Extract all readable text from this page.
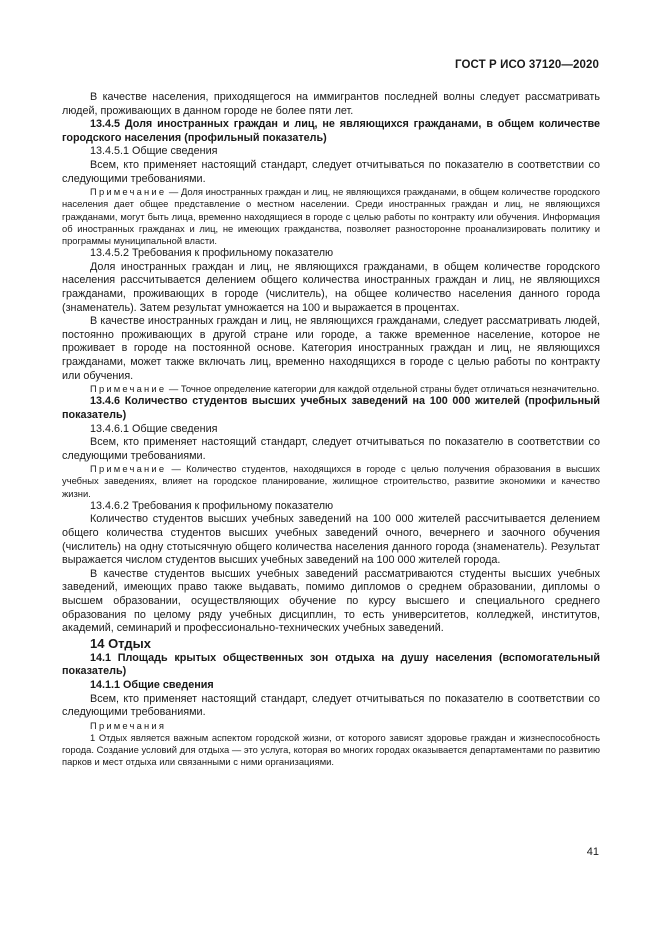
ГОСТ Р ИСО 37120—2020

В качестве населения, приходящегося на иммигрантов последней волны следует рассматривать людей, проживающих в данном городе не более пяти лет.

13.4.5 Доля иностранных граждан и лиц, не являющихся гражданами, в общем количестве городского населения (профильный показатель)

13.4.5.1 Общие сведения

Всем, кто применяет настоящий стандарт, следует отчитываться по показателю в соответствии со следующими требованиями.

Примечание — Доля иностранных граждан и лиц, не являющихся гражданами, в общем количестве городского населения дает общее представление о местном населении. Среди иностранных граждан и лиц, не являющихся гражданами, могут быть лица, временно находящиеся в городе с целью работы по контракту или обучения. Информация об иностранных гражданах и лиц, не имеющих гражданства, позволяет разносторонне проанализировать политику и программы муниципальной власти.

13.4.5.2 Требования к профильному показателю

Доля иностранных граждан и лиц, не являющихся гражданами, в общем количестве городского населения рассчитывается делением общего количества иностранных граждан и лиц, не являющихся гражданами, проживающих в городе (числитель), на общее количество населения данного города (знаменатель). Затем результат умножается на 100 и выражается в процентах.

В качестве иностранных граждан и лиц, не являющихся гражданами, следует рассматривать людей, постоянно проживающих в другой стране или городе, а также временное население, которое не проживает в городе на постоянной основе. Категория иностранных граждан и лиц, не являющихся гражданами, может также включать лиц, временно находящихся в городе с целью работы по контракту или обучения.

Примечание — Точное определение категории для каждой отдельной страны будет отличаться незначительно.

13.4.6 Количество студентов высших учебных заведений на 100 000 жителей (профильный показатель)

13.4.6.1 Общие сведения

Всем, кто применяет настоящий стандарт, следует отчитываться по показателю в соответствии со следующими требованиями.

Примечание — Количество студентов, находящихся в городе с целью получения образования в высших учебных заведениях, влияет на городское планирование, жилищное строительство, развитие экономики и качество жизни.

13.4.6.2 Требования к профильному показателю

Количество студентов высших учебных заведений на 100 000 жителей рассчитывается делением общего количества студентов высших учебных заведений очного, вечернего и заочного обучения (числитель) на одну стотысячную общего количества населения данного города (знаменатель). Результат выражается числом студентов высших учебных заведений на 100 000 жителей города.

В качестве студентов высших учебных заведений рассматриваются студенты высших учебных заведений, имеющих право также выдавать, помимо дипломов о среднем образовании, дипломы о высшем образовании, осуществляющих обучение по курсу высшего и специального среднего образования по целому ряду учебных дисциплин, то есть университетов, колледжей, институтов, академий, семинарий и профессионально-технических учебных заведений.

14 Отдых

14.1 Площадь крытых общественных зон отдыха на душу населения (вспомогательный показатель)

14.1.1 Общие сведения

Всем, кто применяет настоящий стандарт, следует отчитываться по показателю в соответствии со следующими требованиями.

Примечания

1 Отдых является важным аспектом городской жизни, от которого зависят здоровье граждан и жизнеспособность города. Создание условий для отдыха — это услуга, которая во многих городах оказывается департаментами по развитию парков и мест отдыха или связанными с ними организациями.

41
